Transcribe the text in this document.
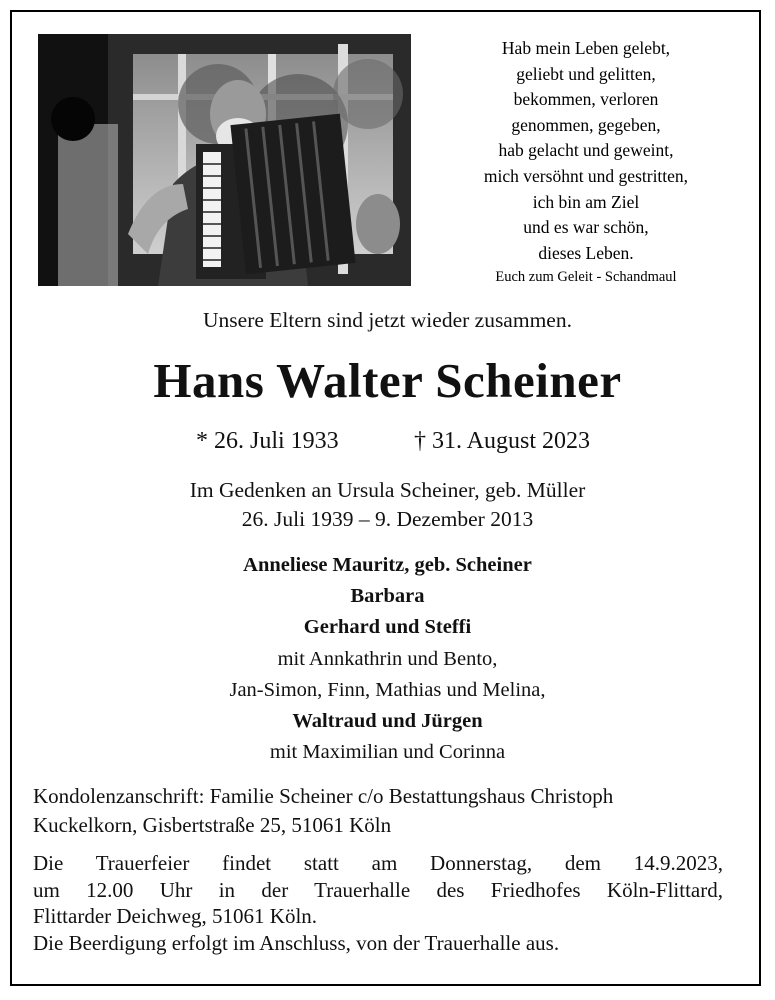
Hab mein Leben gelebt,
geliebt und gelitten,
bekommen, verloren
genommen, gegeben,
hab gelacht und geweint,
mich versöhnt und gestritten,
ich bin am Ziel
und es war schön,
dieses Leben.
Euch zum Geleit - Schandmaul
Unsere Eltern sind jetzt wieder zusammen.
Hans Walter Scheiner
* 26. Juli 1933	† 31. August 2023
Im Gedenken an Ursula Scheiner, geb. Müller
26. Juli 1939 – 9. Dezember 2013
Anneliese Mauritz, geb. Scheiner
Barbara
Gerhard und Steffi
mit Annkathrin und Bento,
Jan-Simon, Finn, Mathias und Melina,
Waltraud und Jürgen
mit Maximilian und Corinna
Kondolenzanschrift: Familie Scheiner c/o Bestattungshaus Christoph
Kuckelkorn, Gisbertstraße 25, 51061 Köln
Die Trauerfeier findet statt am Donnerstag, dem 14.9.2023,
um 12.00 Uhr in der Trauerhalle des Friedhofes Köln-Flittard,
Flittarder Deichweg, 51061 Köln.
Die Beerdigung erfolgt im Anschluss, von der Trauerhalle aus.
